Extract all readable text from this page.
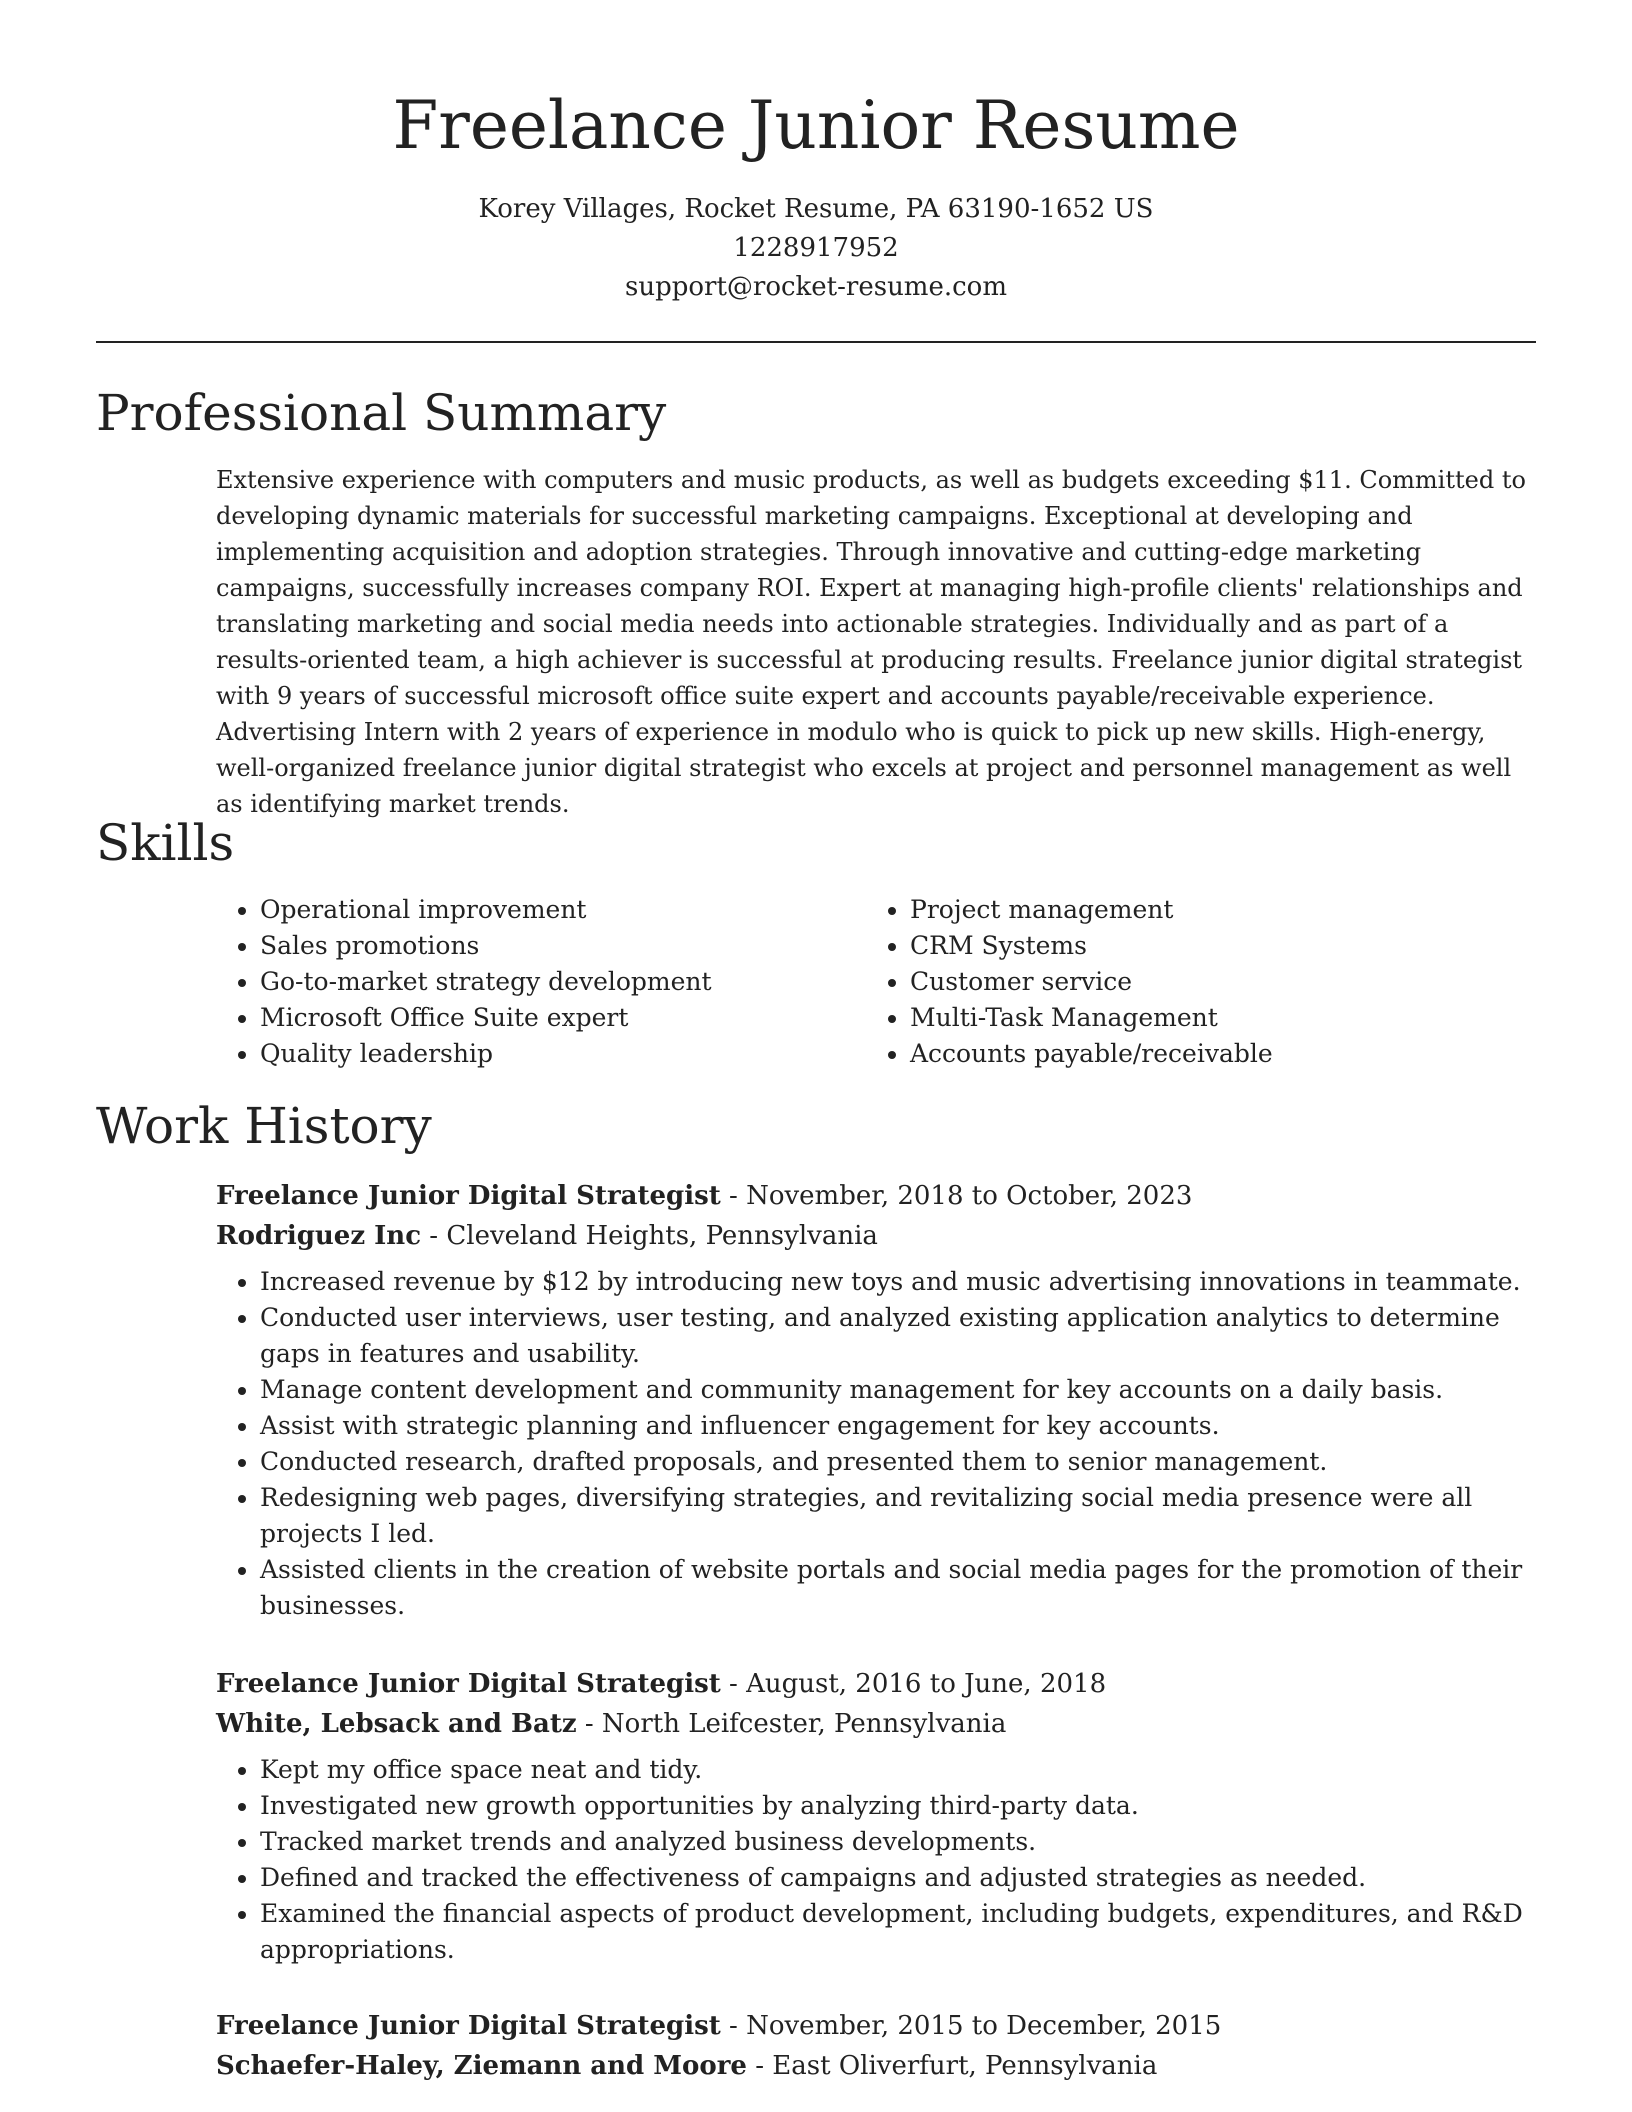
Freelance Junior Resume
Korey Villages, Rocket Resume, PA 63190-1652 US
1228917952
support@rocket-resume.com
Professional Summary

Extensive experience with computers and music products, as well as budgets exceeding $11. Committed to developing dynamic materials for successful marketing campaigns. Exceptional at developing and implementing acquisition and adoption strategies. Through innovative and cutting-edge marketing campaigns, successfully increases company ROI. Expert at managing high-profile clients' relationships and translating marketing and social media needs into actionable strategies. Individually and as part of a results-oriented team, a high achiever is successful at producing results. Freelance junior digital strategist with 9 years of successful microsoft office suite expert and accounts payable/receivable experience. Advertising Intern with 2 years of experience in modulo who is quick to pick up new skills. High-energy, well-organized freelance junior digital strategist who excels at project and personnel management as well as identifying market trends.

Skills
• Operational improvement
• Sales promotions
• Go-to-market strategy development
• Microsoft Office Suite expert
• Quality leadership
• Project management
• CRM Systems
• Customer service
• Multi-Task Management
• Accounts payable/receivable
Work History
Freelance Junior Digital Strategist - November, 2018 to October, 2023
Rodriguez Inc - Cleveland Heights, Pennsylvania
• Increased revenue by $12 by introducing new toys and music advertising innovations in teammate.
• Conducted user interviews, user testing, and analyzed existing application analytics to determine gaps in features and usability.
• Manage content development and community management for key accounts on a daily basis.
• Assist with strategic planning and influencer engagement for key accounts.
• Conducted research, drafted proposals, and presented them to senior management.
• Redesigning web pages, diversifying strategies, and revitalizing social media presence were all projects I led.
• Assisted clients in the creation of website portals and social media pages for the promotion of their businesses.
Freelance Junior Digital Strategist - August, 2016 to June, 2018
White, Lebsack and Batz - North Leifcester, Pennsylvania
• Kept my office space neat and tidy.
• Investigated new growth opportunities by analyzing third-party data.
• Tracked market trends and analyzed business developments.
• Defined and tracked the effectiveness of campaigns and adjusted strategies as needed.
• Examined the financial aspects of product development, including budgets, expenditures, and R&D appropriations.
Freelance Junior Digital Strategist - November, 2015 to December, 2015
Schaefer-Haley, Ziemann and Moore - East Oliverfurt, Pennsylvania
